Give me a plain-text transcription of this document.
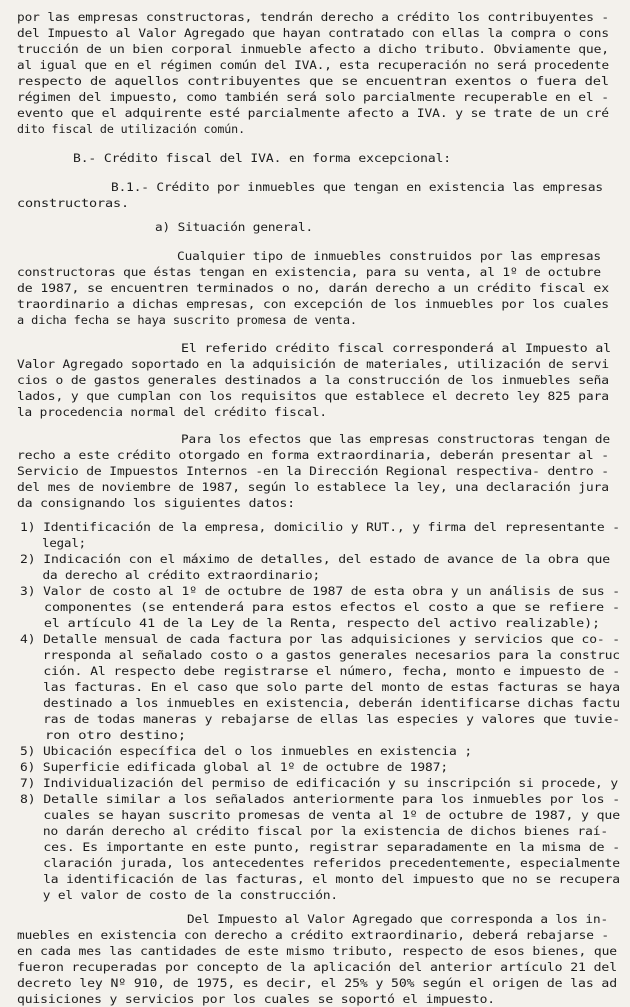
por las empresas constructoras, tendrán derecho a crédito los contribuyentes -
del Impuesto al Valor Agregado que hayan contratado con ellas la compra o cons
trucción de un bien corporal inmueble afecto a dicho tributo. Obviamente que,
al igual que en el régimen común del IVA., esta recuperación no será procedente
respecto de aquellos contribuyentes que se encuentran exentos o fuera del
régimen del impuesto, como también será solo parcialmente recuperable en el -
evento que el adquirente esté parcialmente afecto a IVA. y se trate de un cré
dito fiscal de utilización común.
B.- Crédito fiscal del IVA. en forma excepcional:
B.1.- Crédito por inmuebles que tengan en existencia las empresas
constructoras.
a) Situación general.
Cualquier tipo de inmuebles construidos por las empresas
constructoras que éstas tengan en existencia, para su venta, al 1º de octubre
de 1987, se encuentren terminados o no, darán derecho a un crédito fiscal ex
traordinario a dichas empresas, con excepción de los inmuebles por los cuales
a dicha fecha se haya suscrito promesa de venta.
El referido crédito fiscal corresponderá al Impuesto al
Valor Agregado soportado en la adquisición de materiales, utilización de servi
cios o de gastos generales destinados a la construcción de los inmuebles seña
lados, y que cumplan con los requisitos que establece el decreto ley 825 para
la procedencia normal del crédito fiscal.
Para los efectos que las empresas constructoras tengan de
recho a este crédito otorgado en forma extraordinaria, deberán presentar al -
Servicio de Impuestos Internos -en la Dirección Regional respectiva- dentro -
del mes de noviembre de 1987, según lo establece la ley, una declaración jura
da consignando los siguientes datos:
1) Identificación de la empresa, domicilio y RUT., y firma del representante -
legal;
2) Indicación con el máximo de detalles, del estado de avance de la obra que
da derecho al crédito extraordinario;
3) Valor de costo al 1º de octubre de 1987 de esta obra y un análisis de sus -
componentes (se entenderá para estos efectos el costo a que se refiere -
el artículo 41 de la Ley de la Renta, respecto del activo realizable);
4) Detalle mensual de cada factura por las adquisiciones y servicios que co- -
rresponda al señalado costo o a gastos generales necesarios para la construc
ción. Al respecto debe registrarse el número, fecha, monto e impuesto de -
las facturas. En el caso que solo parte del monto de estas facturas se haya
destinado a los inmuebles en existencia, deberán identificarse dichas factu
ras de todas maneras y rebajarse de ellas las especies y valores que tuvie-
ron otro destino;
5) Ubicación específica del o los inmuebles en existencia ;
6) Superficie edificada global al 1º de octubre de 1987;
7) Individualización del permiso de edificación y su inscripción si procede, y
8) Detalle similar a los señalados anteriormente para los inmuebles por los -
cuales se hayan suscrito promesas de venta al 1º de octubre de 1987, y que
no darán derecho al crédito fiscal por la existencia de dichos bienes raí-
ces. Es importante en este punto, registrar separadamente en la misma de -
claración jurada, los antecedentes referidos precedentemente, especialmente
la identificación de las facturas, el monto del impuesto que no se recupera
y el valor de costo de la construcción.
Del Impuesto al Valor Agregado que corresponda a los in-
muebles en existencia con derecho a crédito extraordinario, deberá rebajarse -
en cada mes las cantidades de este mismo tributo, respecto de esos bienes, que
fueron recuperadas por concepto de la aplicación del anterior artículo 21 del
decreto ley Nº 910, de 1975, es decir, el 25% y 50% según el origen de las ad
quisiciones y servicios por los cuales se soportó el impuesto.
